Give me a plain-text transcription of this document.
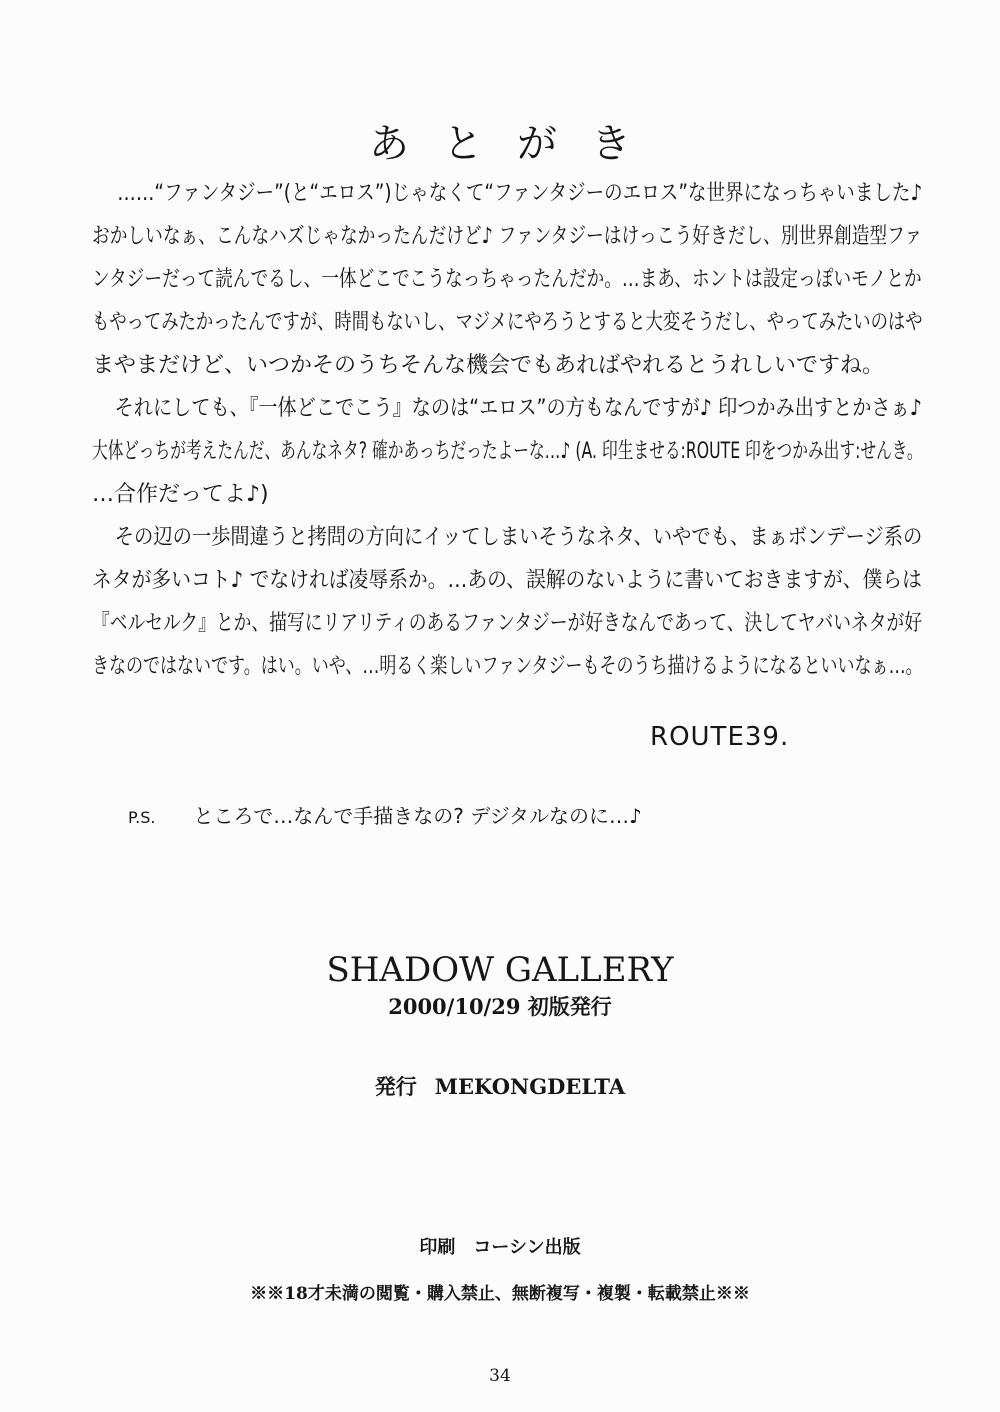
あとがき
……“ファンタジー”(と“エロス”)じゃなくて“ファンタジーのエロス”な世界になっちゃいました♪
おかしいなぁ、こんなハズじゃなかったんだけど♪ ファンタジーはけっこう好きだし、別世界創造型ファ
ンタジーだって読んでるし、一体どこでこうなっちゃったんだか。…まあ、ホントは設定っぽいモノとか
もやってみたかったんですが、時間もないし、マジメにやろうとすると大変そうだし、やってみたいのはや
まやまだけど、いつかそのうちそんな機会でもあればやれるとうれしいですね。
それにしても、『一体どこでこう』なのは“エロス”の方もなんですが♪ 印つかみ出すとかさぁ♪
大体どっちが考えたんだ、あんなネタ? 確かあっちだったよーな…♪ (A. 印生ませる:ROUTE 印をつかみ出す:せんき。
…合作だってよ♪)
その辺の一歩間違うと拷問の方向にイッてしまいそうなネタ、いやでも、まぁボンデージ系の
ネタが多いコト♪ でなければ凌辱系か。…あの、誤解のないように書いておきますが、僕らは
『ベルセルク』とか、描写にリアリティのあるファンタジーが好きなんであって、決してヤバいネタが好
きなのではないです。はい。いや、…明るく楽しいファンタジーもそのうち描けるようになるといいなぁ…。
ROUTE39.
P.S. ところで…なんで手描きなの? デジタルなのに…♪
SHADOW GALLERY
2000/10/29 初版発行
発行 MEKONGDELTA
印刷 コーシン出版
※※18才未満の閲覧・購入禁止、無断複写・複製・転載禁止※※
34
